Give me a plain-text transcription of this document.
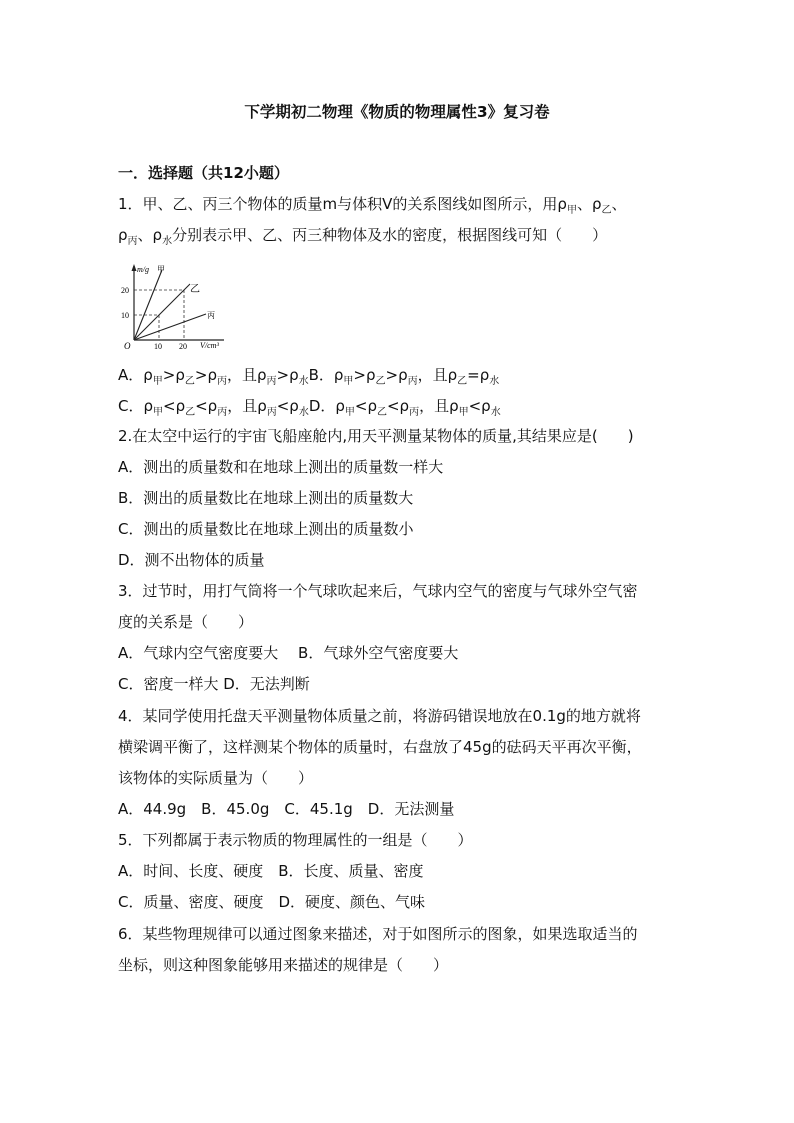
下学期初二物理《物质的物理属性3》复习卷
一．选择题（共12小题）
1．甲、乙、丙三个物体的质量m与体积V的关系图线如图所示，用$\rho_甲$、$\rho_乙$、
$\rho_丙$、$\rho_水$分别表示甲、乙、丙三种物体及水的密度，根据图线可知（　　）
m/g 甲
乙
丙
20
10
10 20
O	V/cm³
A．$\rho_甲>\rho_乙>\rho_丙$，且$\rho_丙>\rho_水B$．$\rho_甲>\rho_乙>\rho_丙$，且$\rho_乙=\rho_水$
C．$\rho_甲<\rho_乙<\rho_丙$，且$\rho_丙<\rho_水D$．$\rho_甲<\rho_乙<\rho_丙$，且$\rho_甲<\rho_水$
2.在太空中运行的宇宙飞船座舱内,用天平测量某物体的质量,其结果应是(　　)
A．测出的质量数和在地球上测出的质量数一样大
B．测出的质量数比在地球上测出的质量数大
C．测出的质量数比在地球上测出的质量数小
D．测不出物体的质量
3．过节时，用打气筒将一个气球吹起来后，气球内空气的密度与气球外空气密
度的关系是（　　）
A．气球内空气密度要大　 B．气球外空气密度要大
C．密度一样大 D．无法判断
4．某同学使用托盘天平测量物体质量之前，将游码错误地放在0.1g的地方就将
横梁调平衡了，这样测某个物体的质量时，右盘放了45g的砝码天平再次平衡，
该物体的实际质量为（　　）
A．44.9g　B．45.0g　C．45.1g　D．无法测量
5．下列都属于表示物质的物理属性的一组是（　　）
A．时间、长度、硬度　B．长度、质量、密度
C．质量、密度、硬度　D．硬度、颜色、气味
6．某些物理规律可以通过图象来描述，对于如图所示的图象，如果选取适当的
坐标，则这种图象能够用来描述的规律是（　　）
